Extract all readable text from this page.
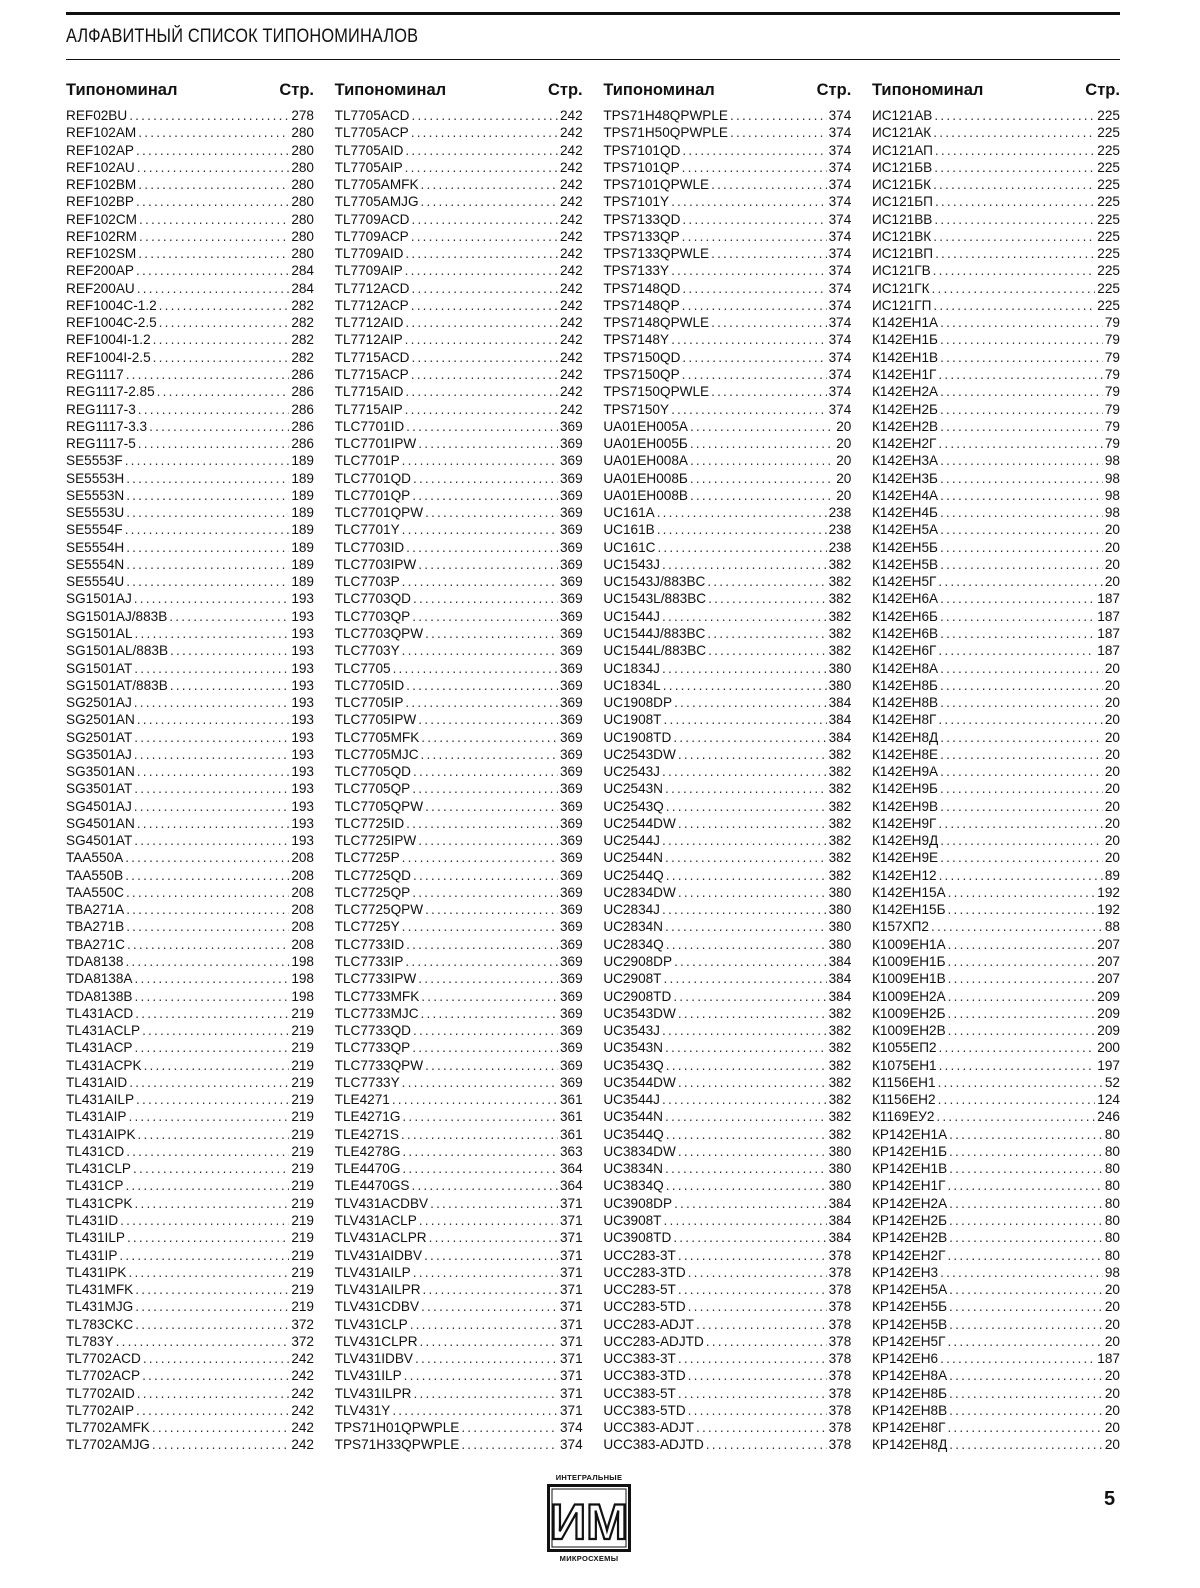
АЛФАВИТНЫЙ СПИСОК ТИПОНОМИНАЛОВ
Типономинал	Стр.
REF02BU .....	278
REF102AM .....	280
REF102AP .....	280
REF102AU .....	280
REF102BM .....	280
REF102BP .....	280
REF102CM .....	280
REF102RM .....	280
REF102SM .....	280
REF200AP .....	284
REF200AU .....	284
REF1004C-1.2 .....	282
REF1004C-2.5 .....	282
REF1004I-1.2 .....	282
REF1004I-2.5 .....	282
REG1117 .....	286
REG1117-2.85 .....	286
REG1117-3 .....	286
REG1117-3.3 .....	286
REG1117-5 .....	286
SE5553F .....	189
SE5553H .....	189
SE5553N .....	189
SE5553U .....	189
SE5554F .....	189
SE5554H .....	189
SE5554N .....	189
SE5554U .....	189
SG1501AJ .....	193
SG1501AJ/883B .....	193
SG1501AL .....	193
SG1501AL/883B .....	193
SG1501AT .....	193
SG1501AT/883B .....	193
SG2501AJ .....	193
SG2501AN .....	193
SG2501AT .....	193
SG3501AJ .....	193
SG3501AN .....	193
SG3501AT .....	193
SG4501AJ .....	193
SG4501AN .....	193
SG4501AT .....	193
TAA550A .....	208
TAA550B .....	208
TAA550C .....	208
TBA271A .....	208
TBA271B .....	208
TBA271C .....	208
TDA8138 .....	198
TDA8138A .....	198
TDA8138B .....	198
TL431ACD .....	219
TL431ACLP .....	219
TL431ACP .....	219
TL431ACPK .....	219
TL431AID .....	219
TL431AILP .....	219
TL431AIP .....	219
TL431AIPK .....	219
TL431CD .....	219
TL431CLP .....	219
TL431CP .....	219
TL431CPK .....	219
TL431ID .....	219
TL431ILP .....	219
TL431IP .....	219
TL431IPK .....	219
TL431MFK .....	219
TL431MJG .....	219
TL783CKC .....	372
TL783Y .....	372
TL7702ACD .....	242
TL7702ACP .....	242
TL7702AID .....	242
TL7702AIP .....	242
TL7702AMFK .....	242
TL7702AMJG .....	242
Типономинал	Стр.
TL7705ACD .....	242
TL7705ACP .....	242
TL7705AID .....	242
TL7705AIP .....	242
TL7705AMFK .....	242
TL7705AMJG .....	242
TL7709ACD .....	242
TL7709ACP .....	242
TL7709AID .....	242
TL7709AIP .....	242
TL7712ACD .....	242
TL7712ACP .....	242
TL7712AID .....	242
TL7712AIP .....	242
TL7715ACD .....	242
TL7715ACP .....	242
TL7715AID .....	242
TL7715AIP .....	242
TLC7701ID .....	369
TLC7701IPW .....	369
TLC7701P .....	369
TLC7701QD .....	369
TLC7701QP .....	369
TLC7701QPW .....	369
TLC7701Y .....	369
TLC7703ID .....	369
TLC7703IPW .....	369
TLC7703P .....	369
TLC7703QD .....	369
TLC7703QP .....	369
TLC7703QPW .....	369
TLC7703Y .....	369
TLC7705 .....	369
TLC7705ID .....	369
TLC7705IP .....	369
TLC7705IPW .....	369
TLC7705MFK .....	369
TLC7705MJC .....	369
TLC7705QD .....	369
TLC7705QP .....	369
TLC7705QPW .....	369
TLC7725ID .....	369
TLC7725IPW .....	369
TLC7725P .....	369
TLC7725QD .....	369
TLC7725QP .....	369
TLC7725QPW .....	369
TLC7725Y .....	369
TLC7733ID .....	369
TLC7733IP .....	369
TLC7733IPW .....	369
TLC7733MFK .....	369
TLC7733MJC .....	369
TLC7733QD .....	369
TLC7733QP .....	369
TLC7733QPW .....	369
TLC7733Y .....	369
TLE4271 .....	361
TLE4271G .....	361
TLE4271S .....	361
TLE4278G .....	363
TLE4470G .....	364
TLE4470GS .....	364
TLV431ACDBV .....	371
TLV431ACLP .....	371
TLV431ACLPR .....	371
TLV431AIDBV .....	371
TLV431AILP .....	371
TLV431AILPR .....	371
TLV431CDBV .....	371
TLV431CLP .....	371
TLV431CLPR .....	371
TLV431IDBV .....	371
TLV431ILP .....	371
TLV431ILPR .....	371
TLV431Y .....	371
TPS71H01QPWPLE .....	374
TPS71H33QPWPLE .....	374
Типономинал	Стр.
TPS71H48QPWPLE .....	374
TPS71H50QPWPLE .....	374
TPS7101QD .....	374
TPS7101QP .....	374
TPS7101QPWLE .....	374
TPS7101Y .....	374
TPS7133QD .....	374
TPS7133QP .....	374
TPS7133QPWLE .....	374
TPS7133Y .....	374
TPS7148QD .....	374
TPS7148QP .....	374
TPS7148QPWLE .....	374
TPS7148Y .....	374
TPS7150QD .....	374
TPS7150QP .....	374
TPS7150QPWLE .....	374
TPS7150Y .....	374
UA01EH005A .....	20
UA01EH005Б .....	20
UA01EH008A .....	20
UA01EH008Б .....	20
UA01EH008B .....	20
UC161A .....	238
UC161B .....	238
UC161C .....	238
UC1543J .....	382
UC1543J/883BC .....	382
UC1543L/883BC .....	382
UC1544J .....	382
UC1544J/883BC .....	382
UC1544L/883BC .....	382
UC1834J .....	380
UC1834L .....	380
UC1908DP .....	384
UC1908T .....	384
UC1908TD .....	384
UC2543DW .....	382
UC2543J .....	382
UC2543N .....	382
UC2543Q .....	382
UC2544DW .....	382
UC2544J .....	382
UC2544N .....	382
UC2544Q .....	382
UC2834DW .....	380
UC2834J .....	380
UC2834N .....	380
UC2834Q .....	380
UC2908DP .....	384
UC2908T .....	384
UC2908TD .....	384
UC3543DW .....	382
UC3543J .....	382
UC3543N .....	382
UC3543Q .....	382
UC3544DW .....	382
UC3544J .....	382
UC3544N .....	382
UC3544Q .....	382
UC3834DW .....	380
UC3834N .....	380
UC3834Q .....	380
UC3908DP .....	384
UC3908T .....	384
UC3908TD .....	384
UCC283-3T .....	378
UCC283-3TD .....	378
UCC283-5T .....	378
UCC283-5TD .....	378
UCC283-ADJT .....	378
UCC283-ADJTD .....	378
UCC383-3T .....	378
UCC383-3TD .....	378
UCC383-5T .....	378
UCC383-5TD .....	378
UCC383-ADJT .....	378
UCC383-ADJTD .....	378
Типономинал	Стр.
ИС121АВ .....	225
ИС121АК .....	225
ИС121АП .....	225
ИС121БВ .....	225
ИС121БК .....	225
ИС121БП .....	225
ИС121ВВ .....	225
ИС121ВК .....	225
ИС121ВП .....	225
ИС121ГВ .....	225
ИС121ГК .....	225
ИС121ГП .....	225
К142ЕН1А .....	79
К142ЕН1Б .....	79
К142ЕН1В .....	79
К142ЕН1Г .....	79
К142ЕН2А .....	79
К142ЕН2Б .....	79
К142ЕН2В .....	79
К142ЕН2Г .....	79
К142ЕН3А .....	98
К142ЕН3Б .....	98
К142ЕН4А .....	98
К142ЕН4Б .....	98
К142ЕН5А .....	20
К142ЕН5Б .....	20
К142ЕН5В .....	20
К142ЕН5Г .....	20
К142ЕН6А .....	187
К142ЕН6Б .....	187
К142ЕН6В .....	187
К142ЕН6Г .....	187
К142ЕН8А .....	20
К142ЕН8Б .....	20
К142ЕН8В .....	20
К142ЕН8Г .....	20
К142ЕН8Д .....	20
К142ЕН8Е .....	20
К142ЕН9А .....	20
К142ЕН9Б .....	20
К142ЕН9В .....	20
К142ЕН9Г .....	20
К142ЕН9Д .....	20
К142ЕН9Е .....	20
К142ЕН12 .....	89
К142ЕН15А .....	192
К142ЕН15Б .....	192
К157ХП2 .....	88
К1009ЕН1А .....	207
К1009ЕН1Б .....	207
К1009ЕН1В .....	207
К1009ЕН2А .....	209
К1009ЕН2Б .....	209
К1009ЕН2В .....	209
К1055ЕП2 .....	200
К1075ЕН1 .....	197
К1156ЕН1 .....	52
К1156ЕН2 .....	124
К1169ЕУ2 .....	246
КР142ЕН1А .....	80
КР142ЕН1Б .....	80
КР142ЕН1В .....	80
КР142ЕН1Г .....	80
КР142ЕН2А .....	80
КР142ЕН2Б .....	80
КР142ЕН2В .....	80
КР142ЕН2Г .....	80
КР142ЕН3 .....	98
КР142ЕН5А .....	20
КР142ЕН5Б .....	20
КР142ЕН5В .....	20
КР142ЕН5Г .....	20
КР142ЕН6 .....	187
КР142ЕН8А .....	20
КР142ЕН8Б .....	20
КР142ЕН8В .....	20
КР142ЕН8Г .....	20
КР142ЕН8Д .....	20
ИНТЕГРАЛЬНЫЕ
ИМ
МИКРОСХЕМЫ
5
